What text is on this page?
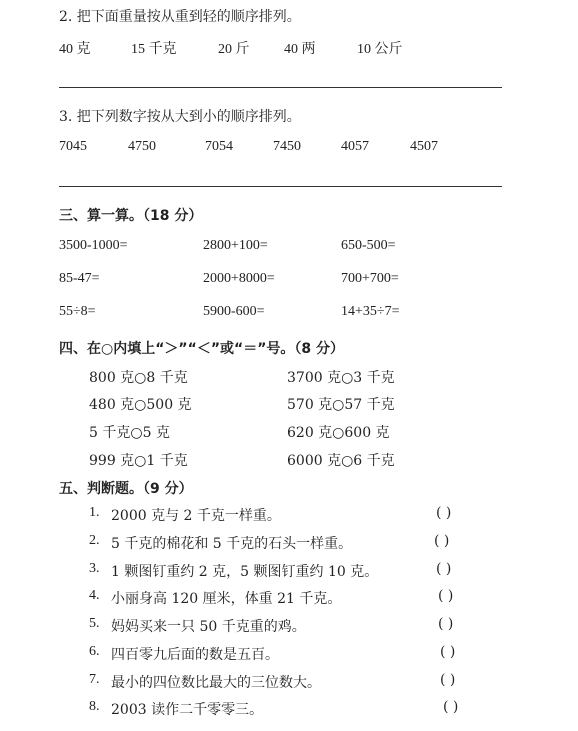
2. 把下面重量按从重到轻的顺序排列。
40 克	15 千克	20 斤 40 两	10 公斤
3. 把下列数字按从大到小的顺序排列。
7045	4750	7054	7450	4057	4507
三、算一算。（18 分）
3500-1000=	2800+100=	650-500=
85-47=	2000+8000=	700+700=
55÷8=	5900-600=	14+35÷7=
四、在○内填上“＞”“＜”或“＝”号。（8 分）
800 克○8 千克	3700 克○3 千克
480 克○500 克	570 克○57 千克
5 千克○5 克	620 克○600 克
999 克○1 千克	6000 克○6 千克
五、判断题。（9 分）
1. 2000 克与 2 千克一样重。	( )
2. 5 千克的棉花和 5 千克的石头一样重。	( )
3. 1 颗图钉重约 2 克，5 颗图钉重约 10 克。	( )
4. 小丽身高 120 厘米，体重 21 千克。	( )
5. 妈妈买来一只 50 千克重的鸡。	( )
6. 四百零九后面的数是五百。	( )
7. 最小的四位数比最大的三位数大。	( )
8. 2003 读作二千零零三。	( )
